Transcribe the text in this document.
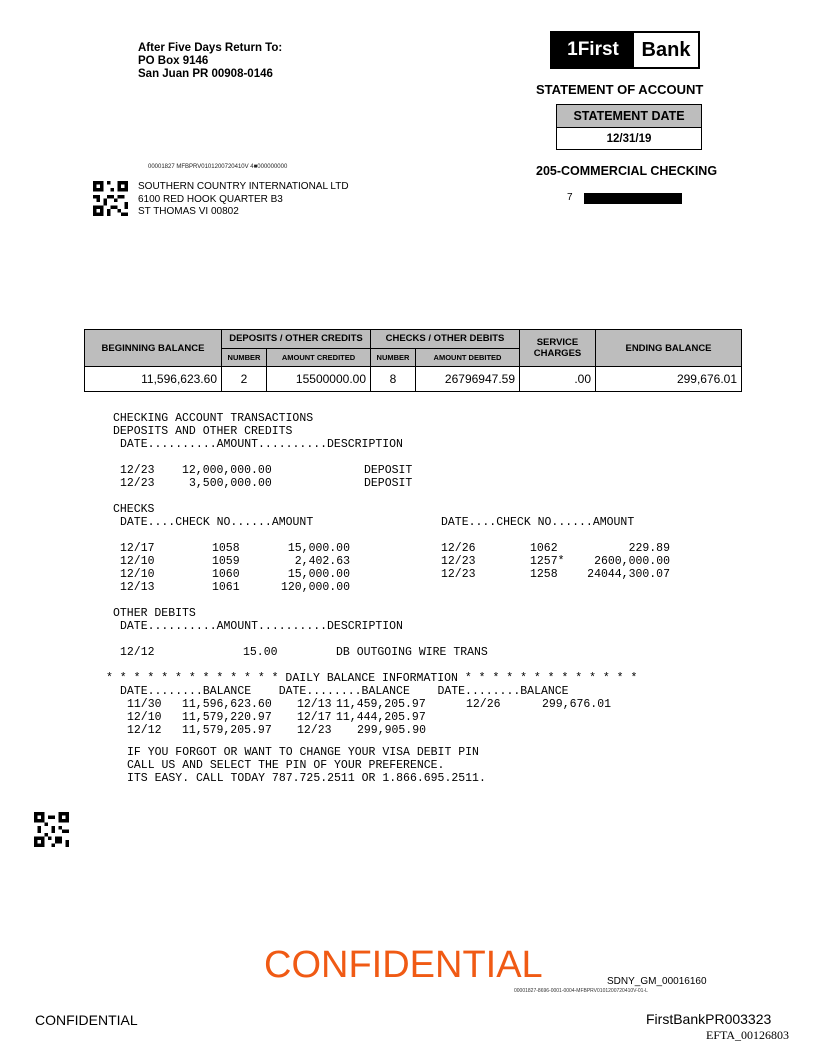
After Five Days Return To:
PO Box 9146
San Juan PR 00908-0146
1First	Bank
STATEMENT OF ACCOUNT
STATEMENT DATE
12/31/19
00001827 MFBPRV0101200720410V 4■000000000
SOUTHERN COUNTRY INTERNATIONAL LTD
6100 RED HOOK QUARTER B3
ST THOMAS VI 00802
205-COMMERCIAL CHECKING
7
BEGINNING BALANCE	DEPOSITS / OTHER CREDITS		CHECKS / OTHER DEBITS		SERVICE CHARGES	ENDING BALANCE
	NUMBER	AMOUNT CREDITED	NUMBER	AMOUNT DEBITED		
11,596,623.60	2	15500000.00	8	26796947.59	.00	299,676.01
CHECKING ACCOUNT TRANSACTIONS
DEPOSITS AND OTHER CREDITS
DATE..........AMOUNT..........DESCRIPTION
12/23 12,000,000.00	DEPOSIT
12/23	3,500,000.00	DEPOSIT
CHECKS
DATE....CHECK NO......AMOUNT	DATE....CHECK NO......AMOUNT
12/17	1058	15,000.00
12/10	1059	2,402.63
12/10	1060	15,000.00
12/13	1061	120,000.00
12/26	1062	229.89
12/23	1257*	2600,000.00
12/23	1258	24044,300.07
OTHER DEBITS
DATE..........AMOUNT..........DESCRIPTION
12/12	15.00	DB OUTGOING WIRE TRANS
* * * * * * * * * * * * * DAILY BALANCE INFORMATION * * * * * * * * * * * * *
DATE........BALANCE    DATE........BALANCE    DATE........BALANCE
11/30 11,596,623.60 12/13 11,459,205.97	12/26	299,676.01
12/10 11,579,220.97 12/17 11,444,205.97
12/12 11,579,205.97 12/23 299,905.90
IF YOU FORGOT OR WANT TO CHANGE YOUR VISA DEBIT PIN
CALL US AND SELECT THE PIN OF YOUR PREFERENCE.
ITS EASY. CALL TODAY 787.725.2511 OR 1.866.695.2511.
CONFIDENTIAL	SDNY_GM_00016160
00001827-8696-0001-0004-MFBPRV0101200720410V-01-L
CONFIDENTIAL	FirstBankPR003323
EFTA_00126803
